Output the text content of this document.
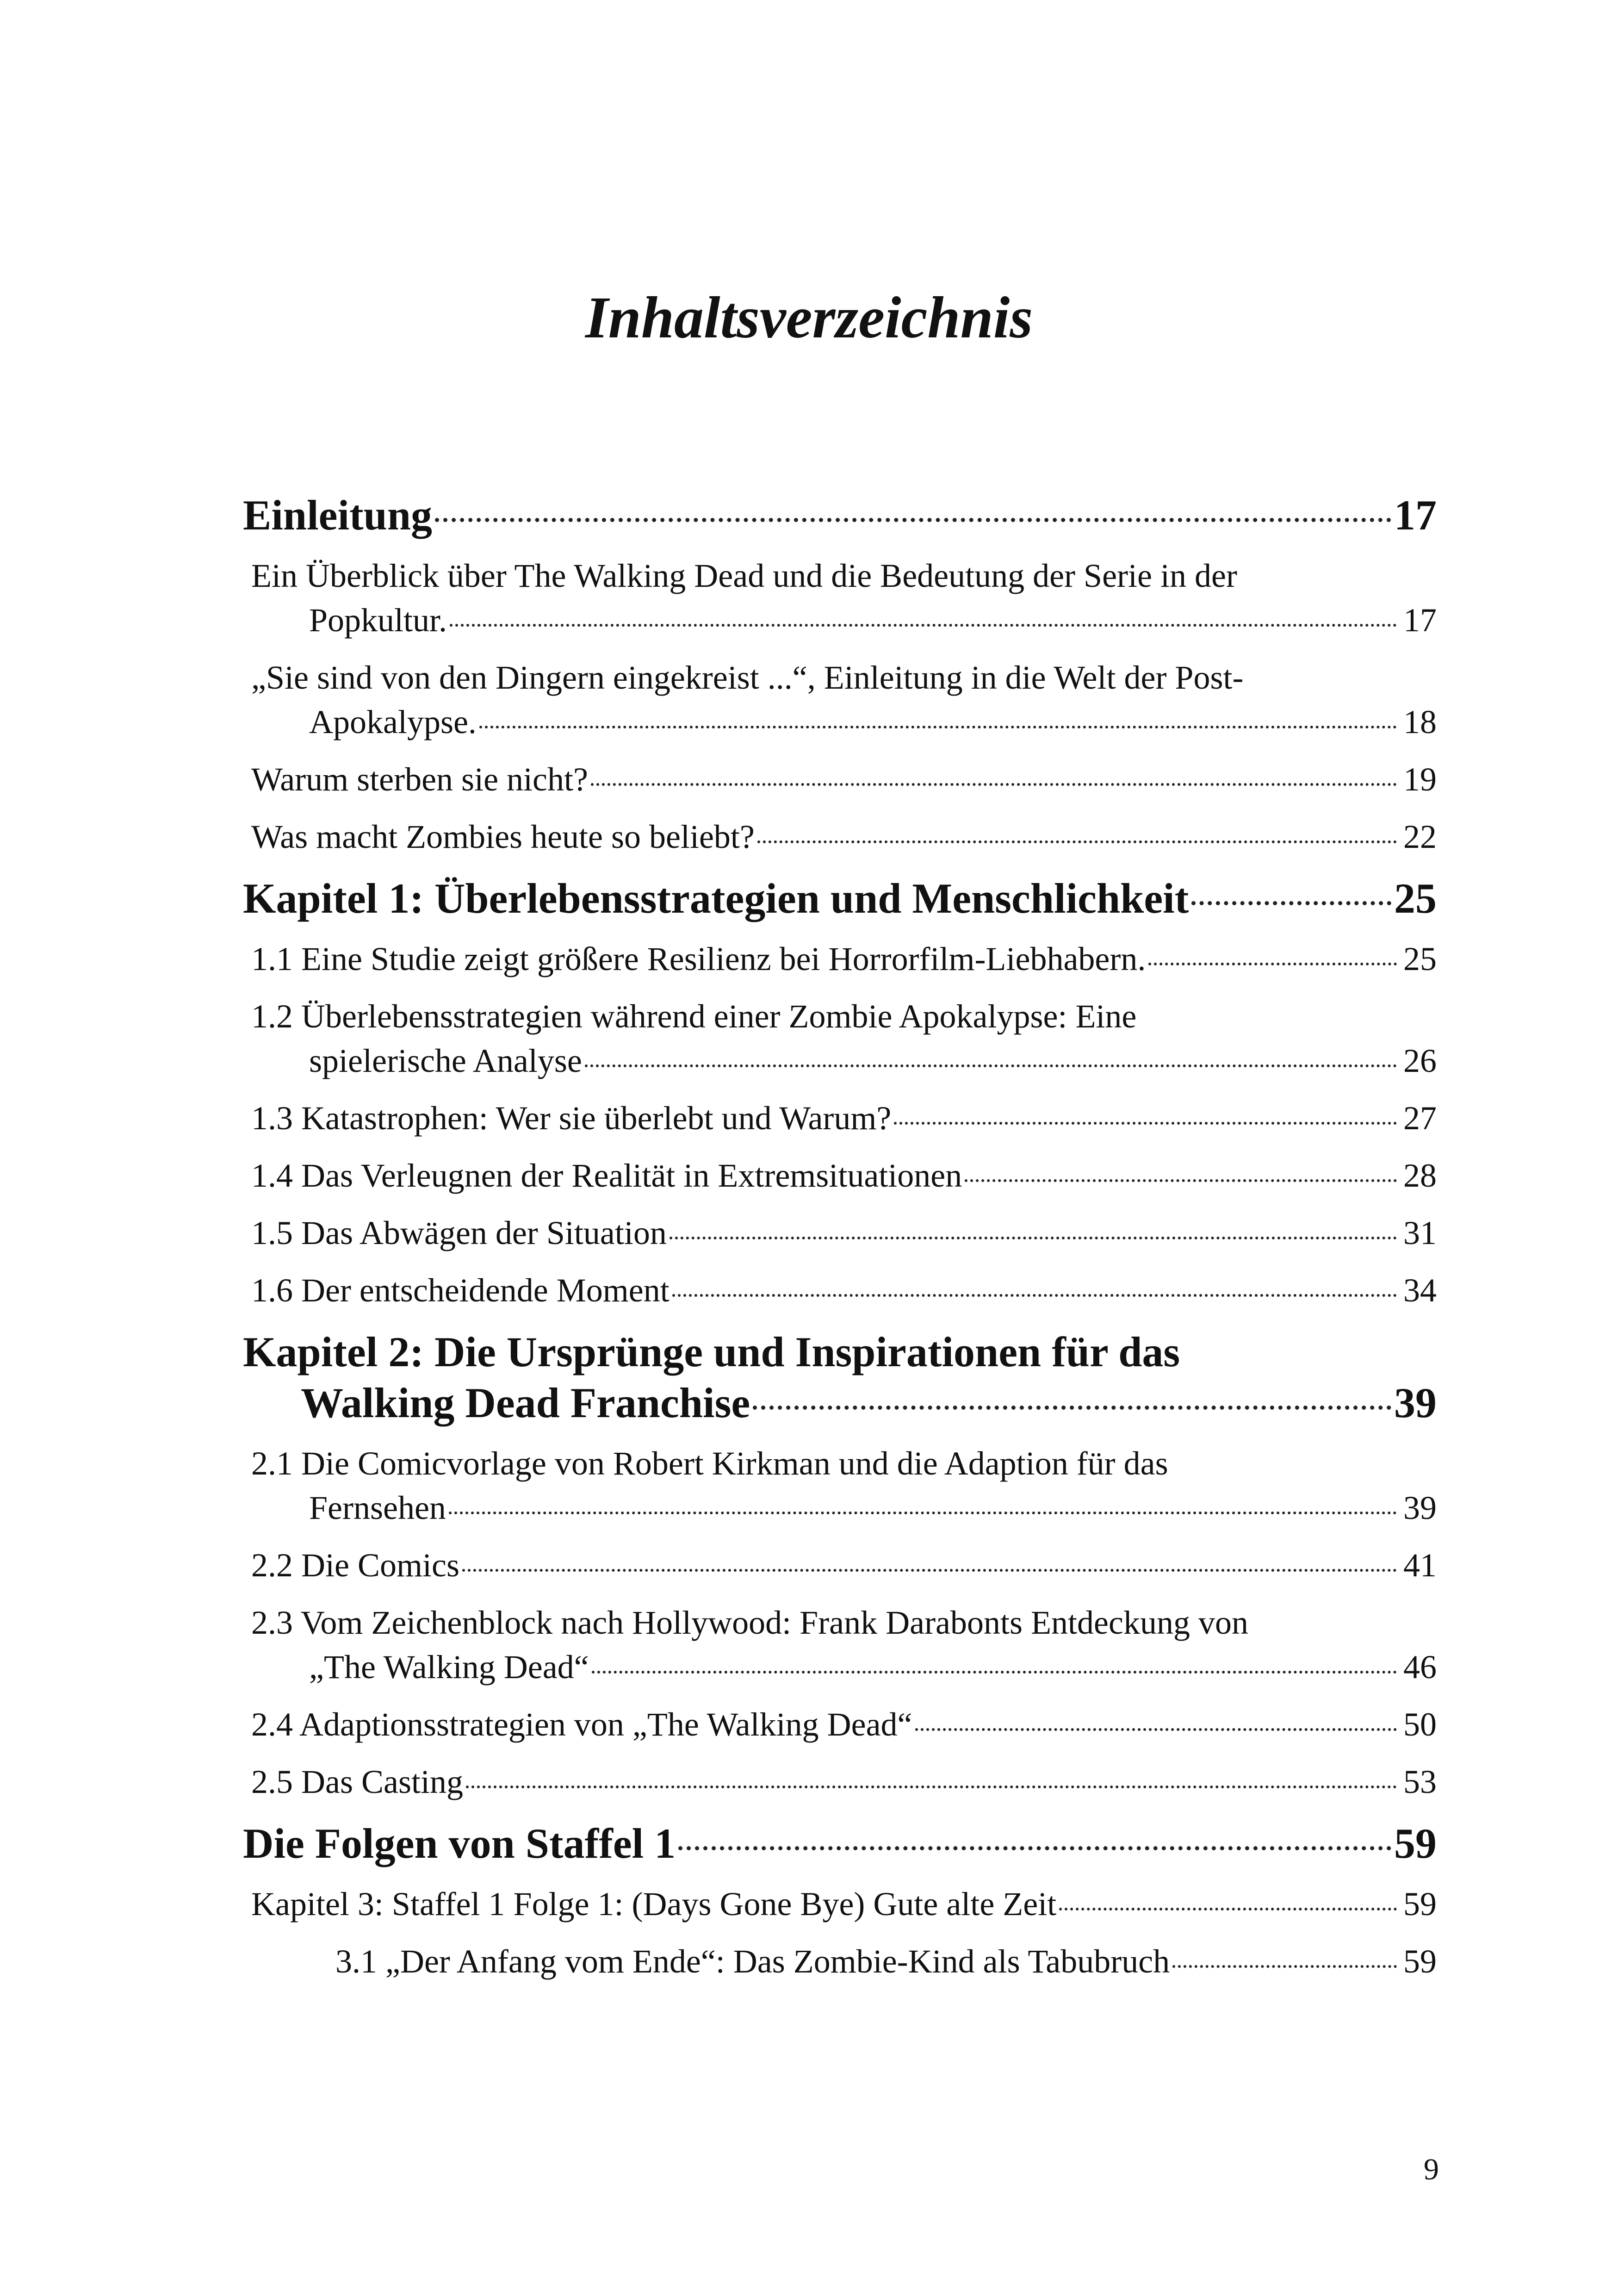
Inhaltsverzeichnis
Einleitung	17
Ein Überblick über The Walking Dead und die Bedeutung der Serie in der
Popkultur.	17
„Sie sind von den Dingern eingekreist ...“, Einleitung in die Welt der Post-
Apokalypse.	18
Warum sterben sie nicht?	19
Was macht Zombies heute so beliebt?	22
Kapitel 1: Überlebensstrategien und Menschlichkeit	25
1.1 Eine Studie zeigt größere Resilienz bei Horrorfilm-Liebhabern.	25
1.2 Überlebensstrategien während einer Zombie Apokalypse: Eine
spielerische Analyse	26
1.3 Katastrophen: Wer sie überlebt und Warum?	27
1.4 Das Verleugnen der Realität in Extremsituationen	28
1.5 Das Abwägen der Situation	31
1.6 Der entscheidende Moment	34
Kapitel 2: Die Ursprünge und Inspirationen für das
Walking Dead Franchise	39
2.1 Die Comicvorlage von Robert Kirkman und die Adaption für das
Fernsehen	39
2.2 Die Comics	41
2.3 Vom Zeichenblock nach Hollywood: Frank Darabonts Entdeckung von
„The Walking Dead“	46
2.4 Adaptionsstrategien von „The Walking Dead“	50
2.5 Das Casting	53
Die Folgen von Staffel 1	59
Kapitel 3: Staffel 1 Folge 1: (Days Gone Bye) Gute alte Zeit	59
3.1 „Der Anfang vom Ende“: Das Zombie-Kind als Tabubruch	59
9
